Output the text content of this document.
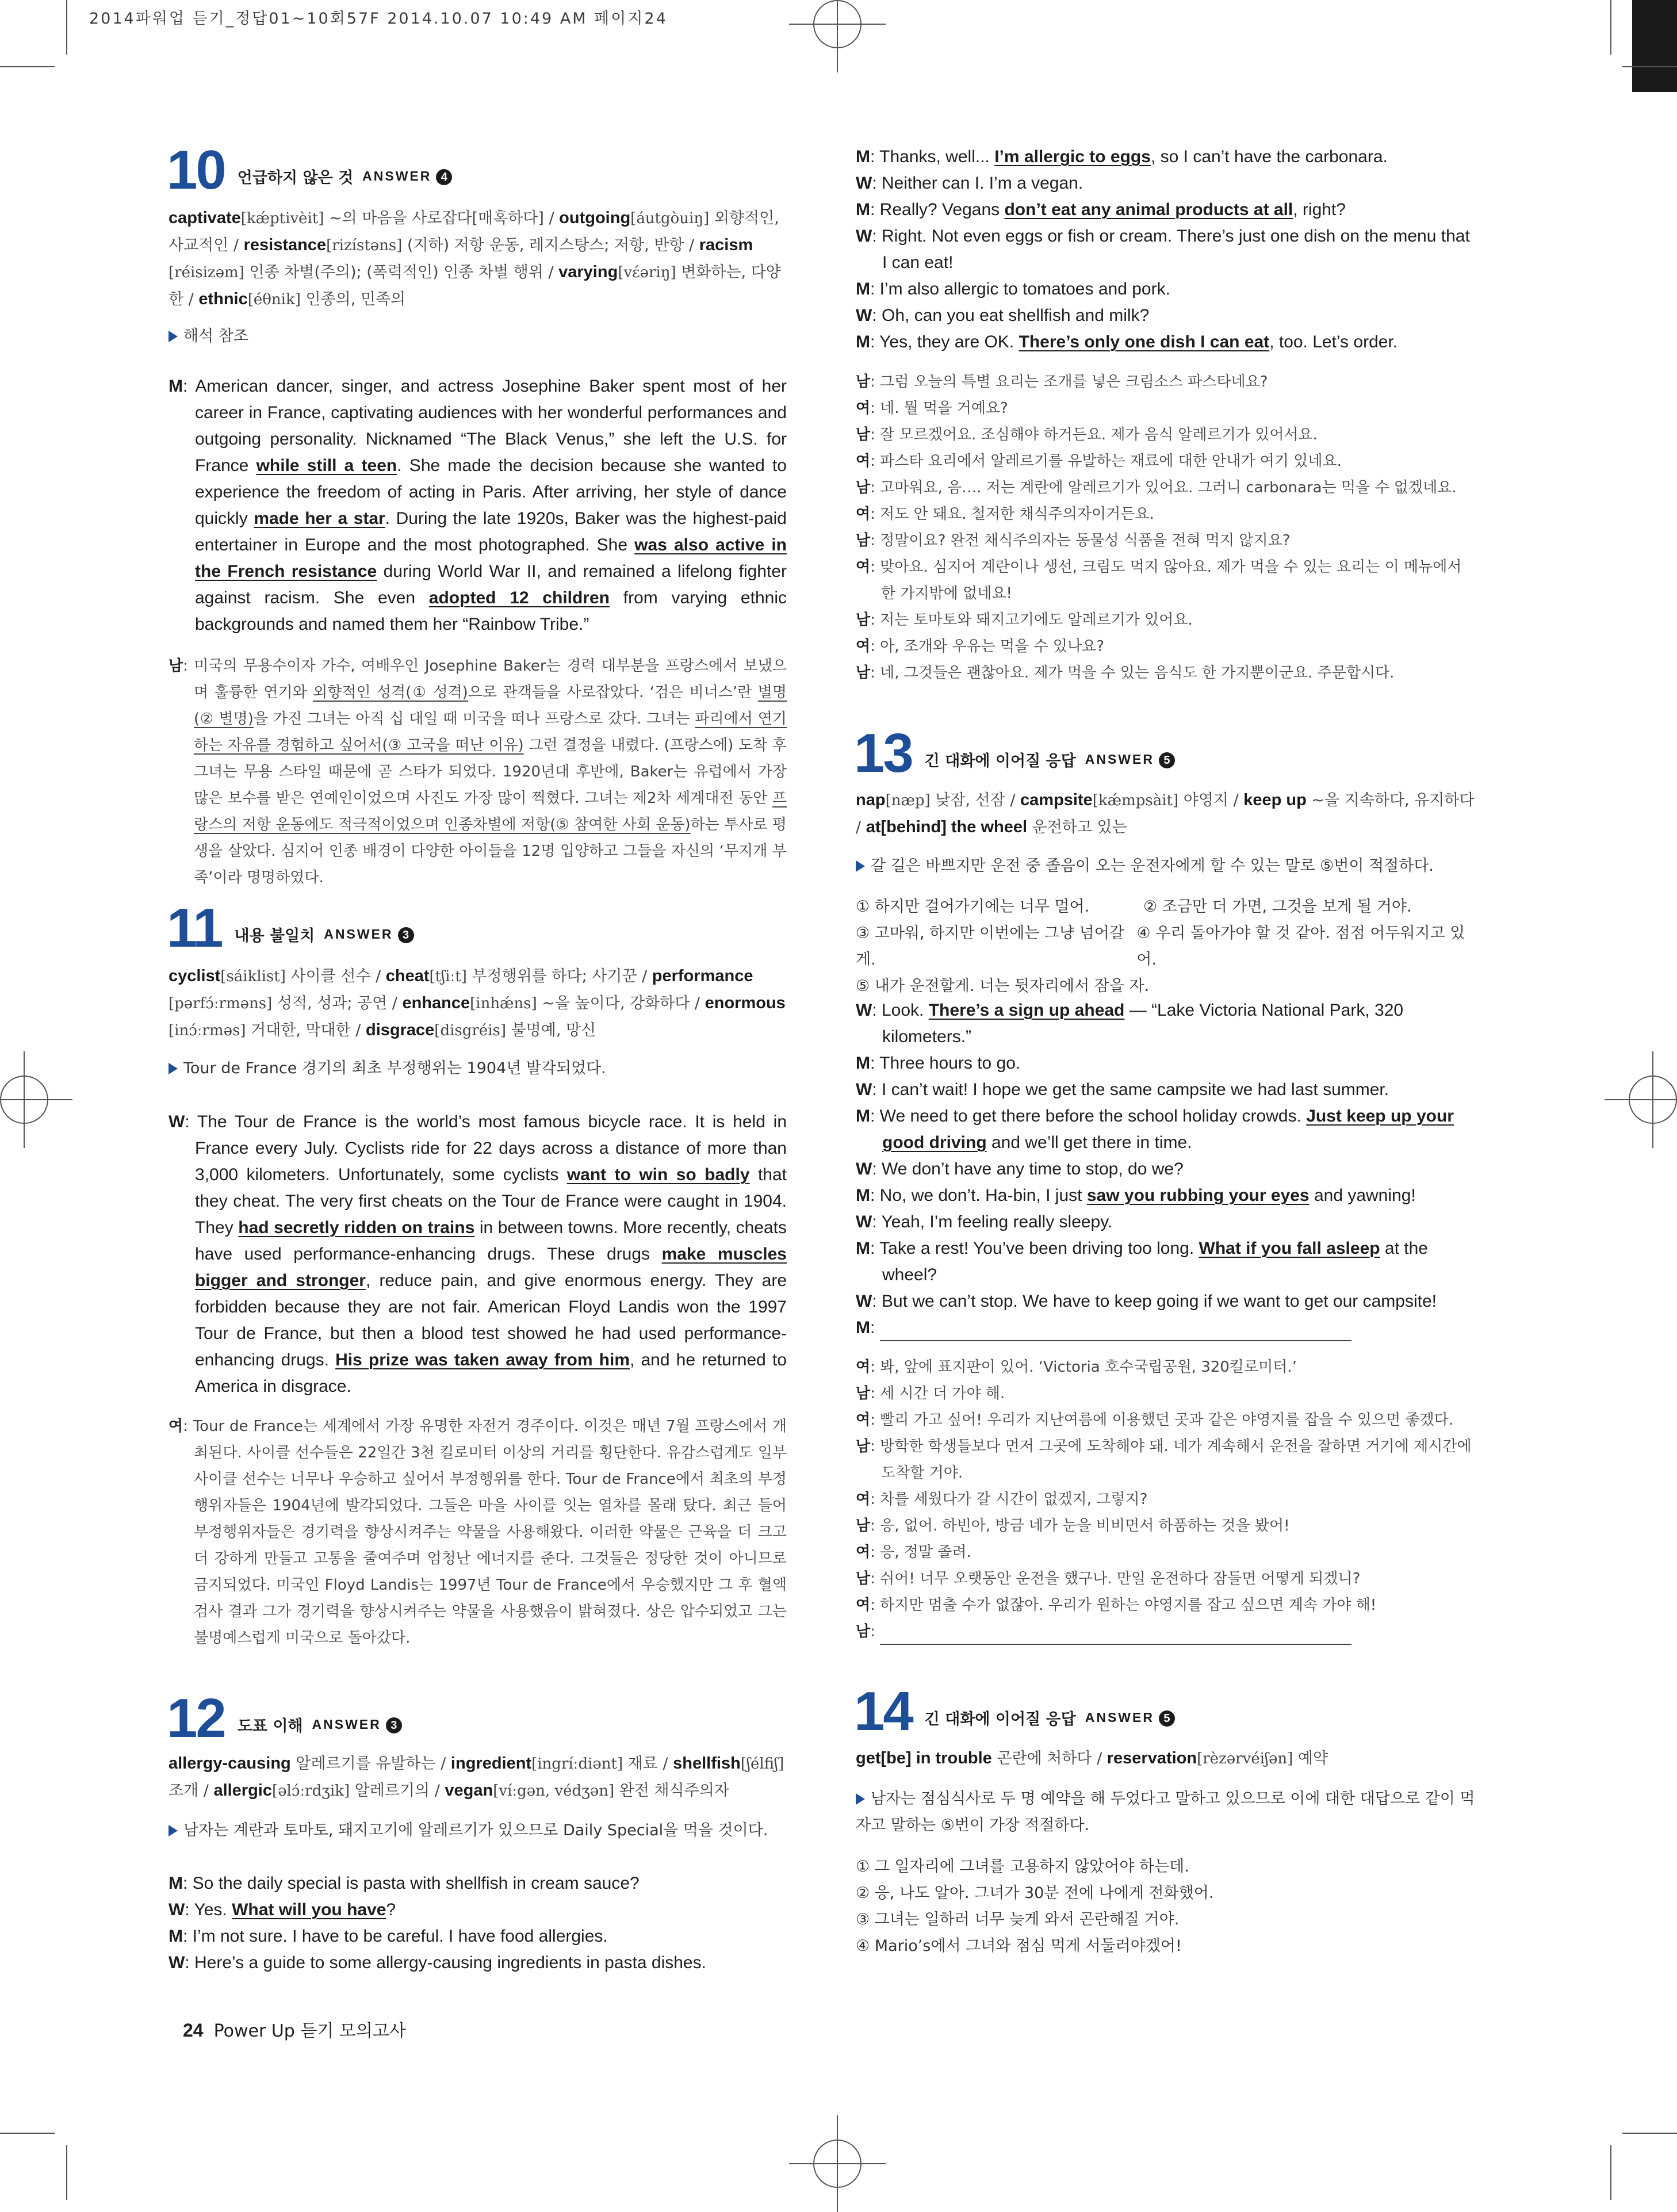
2014파워업 듣기_정답01~10회57F 2014.10.07 10:49 AM 페이지24
10 언급하지 않은 것 ANSWER 4
captivate[kǽptivèit] ~의 마음을 사로잡다[매혹하다] / outgoing[áutgòuiŋ] 외향적인, 사교적인 / resistance[rizístəns] (지하) 저항 운동, 레지스탕스; 저항, 반항 / racism [réisizəm] 인종 차별(주의); (폭력적인) 인종 차별 행위 / varying[vɛ́əriŋ] 변화하는, 다양한 / ethnic[éθnik] 인종의, 민족의
해석 참조

M: American dancer, singer, and actress Josephine Baker spent most of her career in France, captivating audiences with her wonderful performances and outgoing personality. Nicknamed “The Black Venus,” she left the U.S. for France while still a teen. She made the decision because she wanted to experience the freedom of acting in Paris. After arriving, her style of dance quickly made her a star. During the late 1920s, Baker was the highest-paid entertainer in Europe and the most photographed. She was also active in the French resistance during World War II, and remained a lifelong fighter against racism. She even adopted 12 children from varying ethnic backgrounds and named them her “Rainbow Tribe.”

남: 미국의 무용수이자 가수, 여배우인 Josephine Baker는 경력 대부분을 프랑스에서 보냈으며 훌륭한 연기와 외향적인 성격(① 성격)으로 관객들을 사로잡았다. ‘검은 비너스’란 별명(② 별명)을 가진 그녀는 아직 십 대일 때 미국을 떠나 프랑스로 갔다. 그녀는 파리에서 연기하는 자유를 경험하고 싶어서(③ 고국을 떠난 이유) 그런 결정을 내렸다. (프랑스에) 도착 후 그녀는 무용 스타일 때문에 곧 스타가 되었다. 1920년대 후반에, Baker는 유럽에서 가장 많은 보수를 받은 연예인이었으며 사진도 가장 많이 찍혔다. 그녀는 제2차 세계대전 동안 프랑스의 저항 운동에도 적극적이었으며 인종차별에 저항(⑤ 참여한 사회 운동)하는 투사로 평생을 살았다. 심지어 인종 배경이 다양한 아이들을 12명 입양하고 그들을 자신의 ‘무지개 부족’이라 명명하였다.

11 내용 불일치 ANSWER 3
cyclist[sáiklist] 사이클 선수 / cheat[tʃiːt] 부정행위를 하다; 사기꾼 / performance [pərfɔ́ːrməns] 성적, 성과; 공연 / enhance[inhǽns] ~을 높이다, 강화하다 / enormous [inɔ́ːrməs] 거대한, 막대한 / disgrace[disgréis] 불명예, 망신
Tour de France 경기의 최초 부정행위는 1904년 발각되었다.

W: The Tour de France is the world’s most famous bicycle race. It is held in France every July. Cyclists ride for 22 days across a distance of more than 3,000 kilometers. Unfortunately, some cyclists want to win so badly that they cheat. The very first cheats on the Tour de France were caught in 1904. They had secretly ridden on trains in between towns. More recently, cheats have used performance-enhancing drugs. These drugs make muscles bigger and stronger, reduce pain, and give enormous energy. They are forbidden because they are not fair. American Floyd Landis won the 1997 Tour de France, but then a blood test showed he had used performance-enhancing drugs. His prize was taken away from him, and he returned to America in disgrace.

여: Tour de France는 세계에서 가장 유명한 자전거 경주이다. 이것은 매년 7월 프랑스에서 개최된다. 사이클 선수들은 22일간 3천 킬로미터 이상의 거리를 횡단한다. 유감스럽게도 일부 사이클 선수는 너무나 우승하고 싶어서 부정행위를 한다. Tour de France에서 최초의 부정행위자들은 1904년에 발각되었다. 그들은 마을 사이를 잇는 열차를 몰래 탔다. 최근 들어 부정행위자들은 경기력을 향상시켜주는 약물을 사용해왔다. 이러한 약물은 근육을 더 크고 더 강하게 만들고 고통을 줄여주며 엄청난 에너지를 준다. 그것들은 정당한 것이 아니므로 금지되었다. 미국인 Floyd Landis는 1997년 Tour de France에서 우승했지만 그 후 혈액검사 결과 그가 경기력을 향상시켜주는 약물을 사용했음이 밝혀졌다. 상은 압수되었고 그는 불명예스럽게 미국으로 돌아갔다.

12 도표 이해 ANSWER 3
allergy-causing 알레르기를 유발하는 / ingredient[ingríːdiənt] 재료 / shellfish[ʃélfiʃ] 조개 / allergic[əlɔ́ːrdʒik] 알레르기의 / vegan[víːgən, védʒən] 완전 채식주의자
남자는 계란과 토마토, 돼지고기에 알레르기가 있으므로 Daily Special을 먹을 것이다.

M: So the daily special is pasta with shellfish in cream sauce?

W: Yes. What will you have?

M: I’m not sure. I have to be careful. I have food allergies.

W: Here’s a guide to some allergy-causing ingredients in pasta dishes.

24 Power Up 듣기 모의고사

M: Thanks, well... I’m allergic to eggs, so I can’t have the carbonara.

W: Neither can I. I’m a vegan.

M: Really? Vegans don’t eat any animal products at all, right?

W: Right. Not even eggs or fish or cream. There’s just one dish on the menu that I can eat!

M: I’m also allergic to tomatoes and pork.

W: Oh, can you eat shellfish and milk?

M: Yes, they are OK. There’s only one dish I can eat, too. Let’s order.

남: 그럼 오늘의 특별 요리는 조개를 넣은 크림소스 파스타네요?

여: 네. 뭘 먹을 거예요?

남: 잘 모르겠어요. 조심해야 하거든요. 제가 음식 알레르기가 있어서요.

여: 파스타 요리에서 알레르기를 유발하는 재료에 대한 안내가 여기 있네요.

남: 고마워요, 음…. 저는 계란에 알레르기가 있어요. 그러니 carbonara는 먹을 수 없겠네요.

여: 저도 안 돼요. 철저한 채식주의자이거든요.

남: 정말이요? 완전 채식주의자는 동물성 식품을 전혀 먹지 않지요?

여: 맞아요. 심지어 계란이나 생선, 크림도 먹지 않아요. 제가 먹을 수 있는 요리는 이 메뉴에서 한 가지밖에 없네요!

남: 저는 토마토와 돼지고기에도 알레르기가 있어요.

여: 아, 조개와 우유는 먹을 수 있나요?

남: 네, 그것들은 괜찮아요. 제가 먹을 수 있는 음식도 한 가지뿐이군요. 주문합시다.

13 긴 대화에 이어질 응답 ANSWER 5
nap[næp] 낮잠, 선잠 / campsite[kǽmpsàit] 야영지 / keep up ~을 지속하다, 유지하다 / at[behind] the wheel 운전하고 있는
갈 길은 바쁘지만 운전 중 졸음이 오는 운전자에게 할 수 있는 말로 ⑤번이 적절하다.
① 하지만 걸어가기에는 너무 멀어.	② 조금만 더 가면, 그것을 보게 될 거야.
③ 고마워, 하지만 이번에는 그냥 넘어갈게.
④ 우리 돌아가야 할 것 같아. 점점 어두워지고 있어.
⑤ 내가 운전할게. 너는 뒷자리에서 잠을 자.

W: Look. There’s a sign up ahead — “Lake Victoria National Park, 320 kilometers.”

M: Three hours to go.

W: I can’t wait! I hope we get the same campsite we had last summer.

M: We need to get there before the school holiday crowds. Just keep up your good driving and we’ll get there in time.

W: We don’t have any time to stop, do we?

M: No, we don’t. Ha-bin, I just saw you rubbing your eyes and yawning!

W: Yeah, I’m feeling really sleepy.

M: Take a rest! You’ve been driving too long. What if you fall asleep at the wheel?

W: But we can’t stop. We have to keep going if we want to get our campsite!

M:

여: 봐, 앞에 표지판이 있어. ‘Victoria 호수국립공원, 320킬로미터.’

남: 세 시간 더 가야 해.

여: 빨리 가고 싶어! 우리가 지난여름에 이용했던 곳과 같은 야영지를 잡을 수 있으면 좋겠다.

남: 방학한 학생들보다 먼저 그곳에 도착해야 돼. 네가 계속해서 운전을 잘하면 거기에 제시간에 도착할 거야.

여: 차를 세웠다가 갈 시간이 없겠지, 그렇지?

남: 응, 없어. 하빈아, 방금 네가 눈을 비비면서 하품하는 것을 봤어!

여: 응, 정말 졸려.

남: 쉬어! 너무 오랫동안 운전을 했구나. 만일 운전하다 잠들면 어떻게 되겠니?

여: 하지만 멈출 수가 없잖아. 우리가 원하는 야영지를 잡고 싶으면 계속 가야 해!

남:

14 긴 대화에 이어질 응답 ANSWER 5
get[be] in trouble 곤란에 처하다 / reservation[rèzərvéiʃən] 예약
남자는 점심식사로 두 명 예약을 해 두었다고 말하고 있으므로 이에 대한 대답으로 같이 먹자고 말하는 ⑤번이 가장 적절하다.
① 그 일자리에 그녀를 고용하지 않았어야 하는데.
② 응, 나도 알아. 그녀가 30분 전에 나에게 전화했어.
③ 그녀는 일하러 너무 늦게 와서 곤란해질 거야.
④ Mario’s에서 그녀와 점심 먹게 서둘러야겠어!
